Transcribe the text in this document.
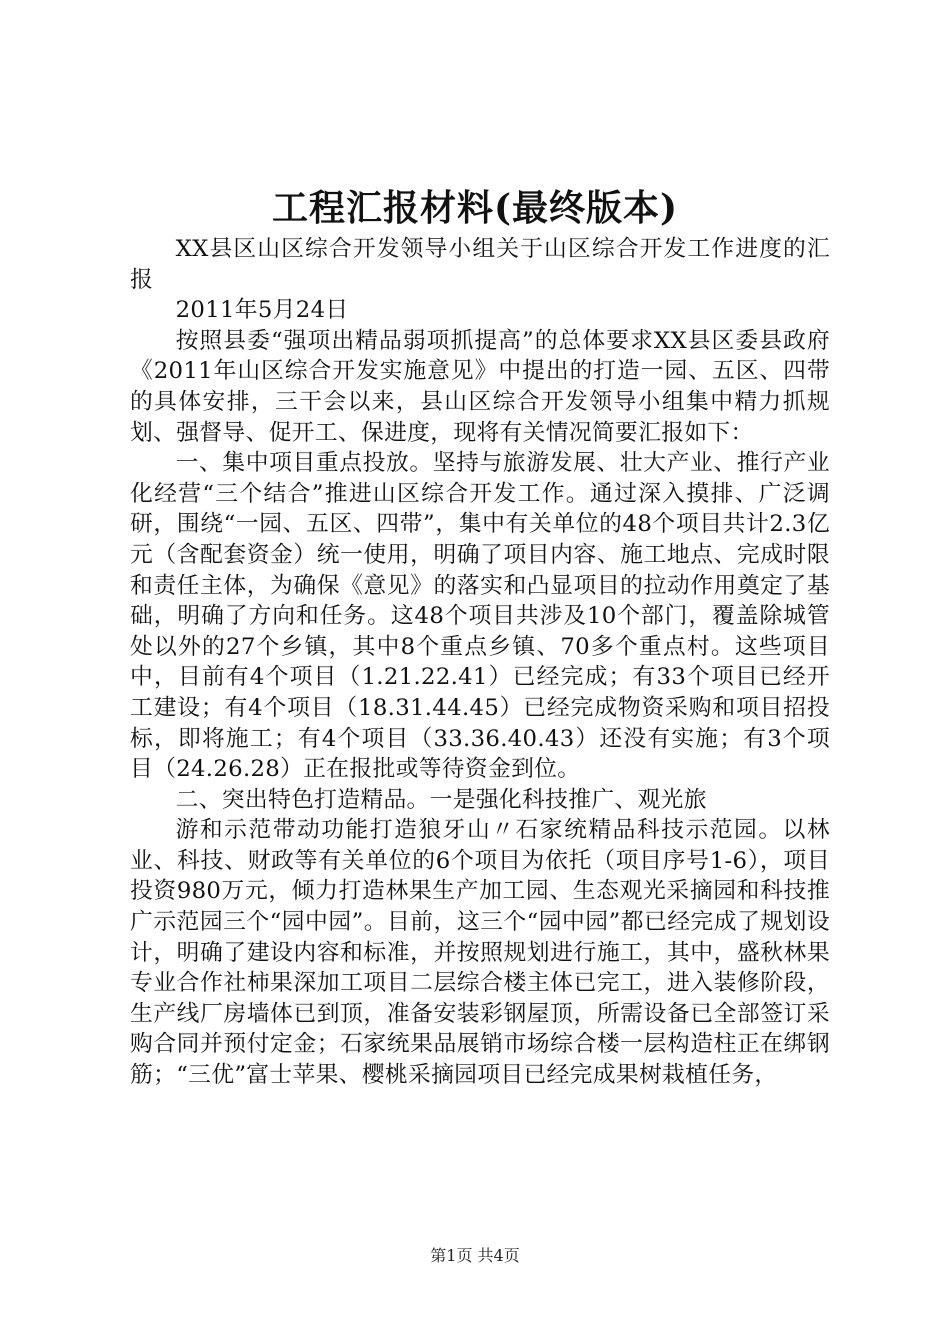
工程汇报材料(最终版本)

XX县区山区综合开发领导小组关于山区综合开发工作进度的汇报

2011年5月24日

按照县委“强项出精品弱项抓提高”的总体要求XX县区委县政府《2011年山区综合开发实施意见》中提出的打造一园、五区、四带的具体安排，三干会以来，县山区综合开发领导小组集中精力抓规划、强督导、促开工、保进度，现将有关情况简要汇报如下：

一、集中项目重点投放。坚持与旅游发展、壮大产业、推行产业化经营“三个结合”推进山区综合开发工作。通过深入摸排、广泛调研，围绕“一园、五区、四带”，集中有关单位的48个项目共计2.3亿元（含配套资金）统一使用，明确了项目内容、施工地点、完成时限和责任主体，为确保《意见》的落实和凸显项目的拉动作用奠定了基础，明确了方向和任务。这48个项目共涉及10个部门，覆盖除城管处以外的27个乡镇，其中8个重点乡镇、70多个重点村。这些项目中，目前有4个项目（1.21.22.41）已经完成；有33个项目已经开工建设；有4个项目（18.31.44.45）已经完成物资采购和项目招投标，即将施工；有4个项目（33.36.40.43）还没有实施；有3个项目（24.26.28）正在报批或等待资金到位。

二、突出特色打造精品。一是强化科技推广、观光旅

游和示范带动功能打造狼牙山〃石家统精品科技示范园。以林业、科技、财政等有关单位的6个项目为依托（项目序号1-6），项目投资980万元，倾力打造林果生产加工园、生态观光采摘园和科技推广示范园三个“园中园”。目前，这三个“园中园”都已经完成了规划设计，明确了建设内容和标准，并按照规划进行施工，其中，盛秋林果专业合作社柿果深加工项目二层综合楼主体已完工，进入装修阶段，生产线厂房墙体已到顶，准备安装彩钢屋顶，所需设备已全部签订采购合同并预付定金；石家统果品展销市场综合楼一层构造柱正在绑钢筋；“三优”富士苹果、樱桃采摘园项目已经完成果树栽植任务，

第1页 共4页
